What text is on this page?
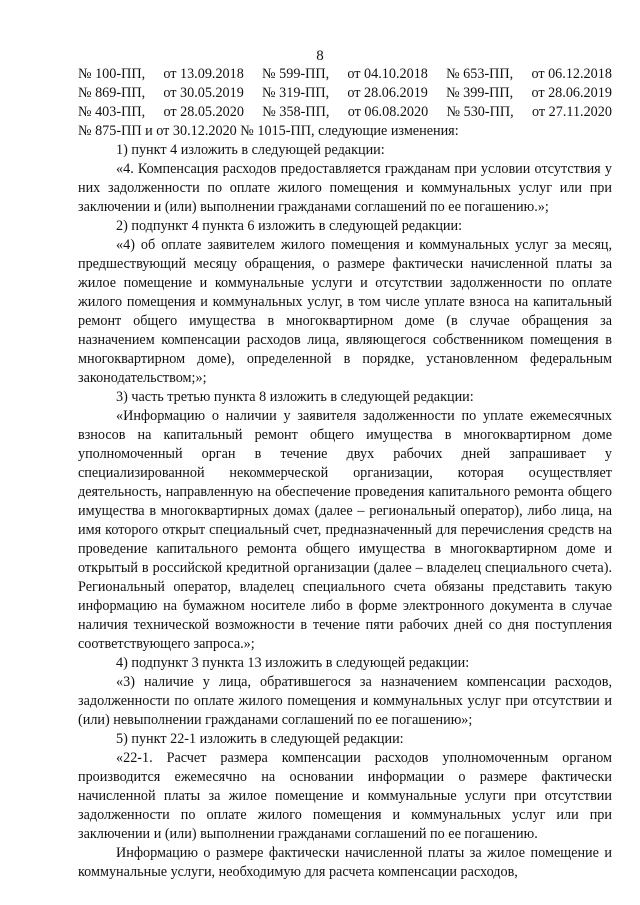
8
№ 100-ПП, от 13.09.2018 № 599-ПП, от 04.10.2018 № 653-ПП, от 06.12.2018
№ 869-ПП, от 30.05.2019 № 319-ПП, от 28.06.2019 № 399-ПП, от 28.06.2019
№ 403-ПП, от 28.05.2020 № 358-ПП, от 06.08.2020 № 530-ПП, от 27.11.2020

№ 875-ПП и от 30.12.2020 № 1015-ПП, следующие изменения:

1) пункт 4 изложить в следующей редакции:

«4. Компенсация расходов предоставляется гражданам при условии отсутствия у них задолженности по оплате жилого помещения и коммунальных услуг или при заключении и (или) выполнении гражданами соглашений по ее погашению.»;

2) подпункт 4 пункта 6 изложить в следующей редакции:

«4) об оплате заявителем жилого помещения и коммунальных услуг за месяц, предшествующий месяцу обращения, о размере фактически начисленной платы за жилое помещение и коммунальные услуги и отсутствии задолженности по оплате жилого помещения и коммунальных услуг, в том числе уплате взноса на капитальный ремонт общего имущества в многоквартирном доме (в случае обращения за назначением компенсации расходов лица, являющегося собственником помещения в многоквартирном доме), определенной в порядке, установленном федеральным законодательством;»;

3) часть третью пункта 8 изложить в следующей редакции:

«Информацию о наличии у заявителя задолженности по уплате ежемесячных взносов на капитальный ремонт общего имущества в многоквартирном доме уполномоченный орган в течение двух рабочих дней запрашивает у специализированной некоммерческой организации, которая осуществляет деятельность, направленную на обеспечение проведения капитального ремонта общего имущества в многоквартирных домах (далее – региональный оператор), либо лица, на имя которого открыт специальный счет, предназначенный для перечисления средств на проведение капитального ремонта общего имущества в многоквартирном доме и открытый в российской кредитной организации (далее – владелец специального счета). Региональный оператор, владелец специального счета обязаны представить такую информацию на бумажном носителе либо в форме электронного документа в случае наличия технической возможности в течение пяти рабочих дней со дня поступления соответствующего запроса.»;

4) подпункт 3 пункта 13 изложить в следующей редакции:

«3) наличие у лица, обратившегося за назначением компенсации расходов, задолженности по оплате жилого помещения и коммунальных услуг при отсутствии и (или) невыполнении гражданами соглашений по ее погашению»;

5) пункт 22-1 изложить в следующей редакции:

«22-1. Расчет размера компенсации расходов уполномоченным органом производится ежемесячно на основании информации о размере фактически начисленной платы за жилое помещение и коммунальные услуги при отсутствии задолженности по оплате жилого помещения и коммунальных услуг или при заключении и (или) выполнении гражданами соглашений по ее погашению.

Информацию о размере фактически начисленной платы за жилое помещение и коммунальные услуги, необходимую для расчета компенсации расходов,
